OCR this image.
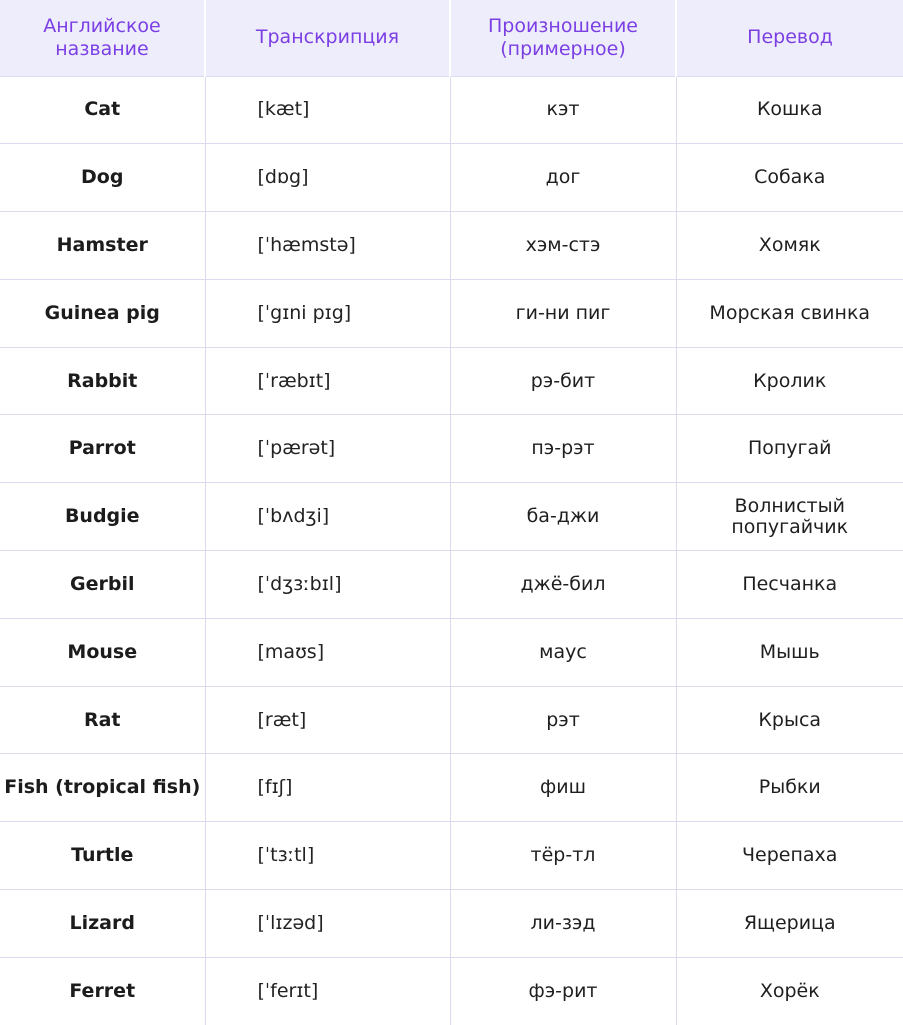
Английское название	Транскрипция	Произношение (примерное)	Перевод
Cat	[kæt]	кэт	Кошка
Dog	[dɒg]	дог	Собака
Hamster	[ˈhæmstə]	хэм-стэ	Хомяк
Guinea pig	[ˈgɪni pɪg]	ги-ни пиг	Морская свинка
Rabbit	[ˈræbɪt]	рэ-бит	Кролик
Parrot	[ˈpærət]	пэ-рэт	Попугай
Budgie	[ˈbʌdʒi]	ба-джи	Волнистый попугайчик
Gerbil	[ˈdʒɜːbɪl]	джё-бил	Песчанка
Mouse	[maʊs]	маус	Мышь
Rat	[ræt]	рэт	Крыса
Fish (tropical fish)	[fɪʃ]	фиш	Рыбки
Turtle	[ˈtɜːtl]	тёр-тл	Черепаха
Lizard	[ˈlɪzəd]	ли-зэд	Ящерица
Ferret	[ˈferɪt]	фэ-рит	Хорёк
